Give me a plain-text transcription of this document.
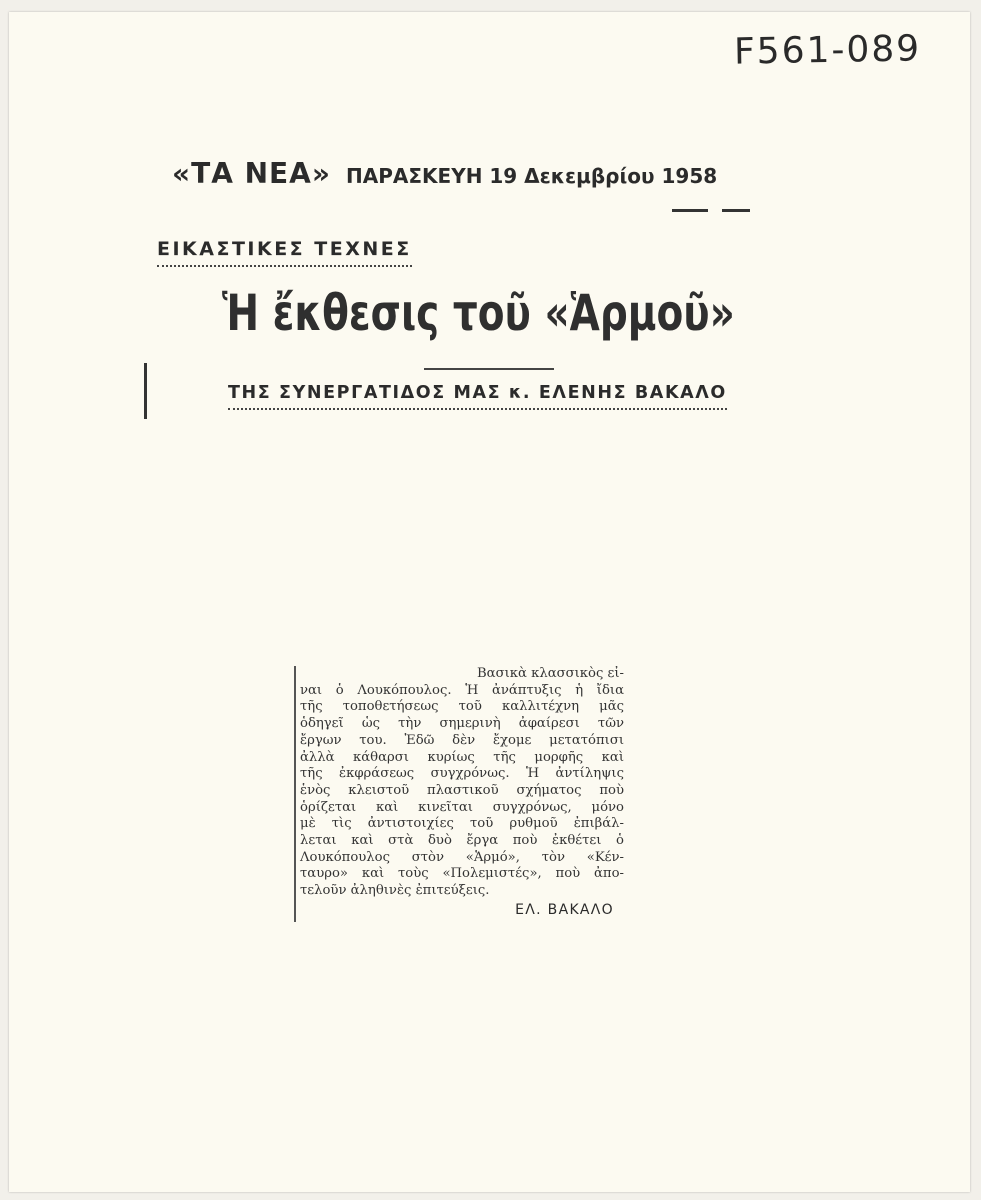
F561-089
«ΤΑ ΝΕΑ» ΠΑΡΑΣΚΕΥΗ 19 Δεκεμβρίου 1958
ΕΙΚΑΣΤΙΚΕΣ ΤΕΧΝΕΣ
Ἡ ἔκθεσις τοῦ «Ἁρμοῦ»
ΤΗΣ ΣΥΝΕΡΓΑΤΙΔΟΣ ΜΑΣ κ. ΕΛΕΝΗΣ ΒΑΚΑΛΟ
Βασικὰ κλασσικὸς εἰ-
ναι ὁ Λουκόπουλος. Ἡ ἀνάπτυξις ἡ ἴδια
τῆς τοποθετήσεως τοῦ καλλιτέχνη μᾶς
ὁδηγεῖ ὡς τὴν σημερινὴ ἀφαίρεσι τῶν
ἔργων του. Ἐδῶ δὲν ἔχομε μετατόπισι
ἀλλὰ κάθαρσι κυρίως τῆς μορφῆς καὶ
τῆς ἐκφράσεως συγχρόνως. Ἡ ἀντίληψις
ἑνὸς κλειστοῦ πλαστικοῦ σχήματος ποὺ
ὁρίζεται καὶ κινεῖται συγχρόνως, μόνο
μὲ τὶς ἀντιστοιχίες τοῦ ρυθμοῦ ἐπιβάλ-
λεται καὶ στὰ δυὸ ἔργα ποὺ ἐκθέτει ὁ
Λουκόπουλος στὸν «Ἁρμό», τὸν «Κέν-
ταυρο» καὶ τοὺς «Πολεμιστές», ποὺ ἀπο-
τελοῦν ἀληθινὲς ἐπιτεύξεις.
ΕΛ. ΒΑΚΑΛΟ
